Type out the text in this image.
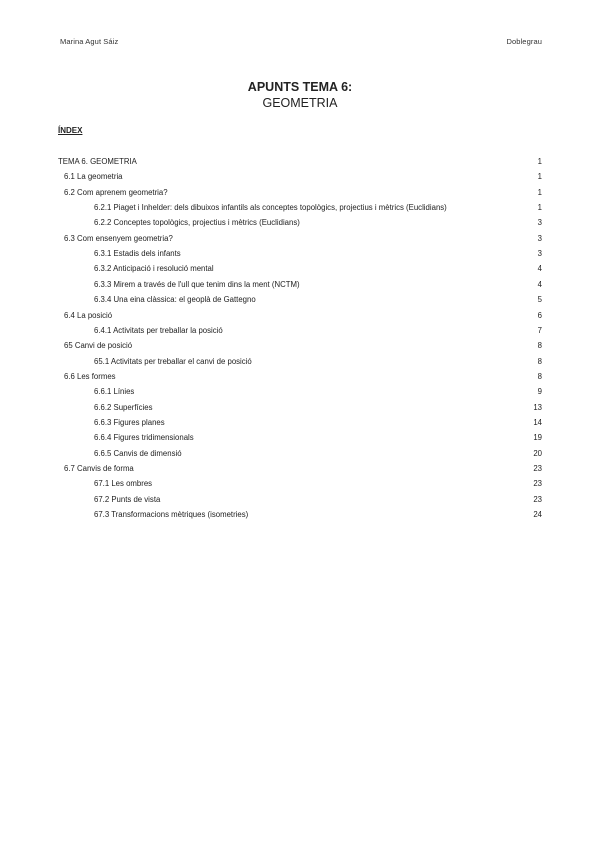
Marina Agut Sáiz	Doblegrau
APUNTS TEMA 6:
GEOMETRIA
ÍNDEX
TEMA 6. GEOMETRIA	1
6.1 La geometria	1
6.2 Com aprenem geometria?	1
6.2.1 Piaget i Inhelder: dels dibuixos infantils als conceptes topològics, projectius i mètrics (Euclidians)	1
6.2.2 Conceptes topològics, projectius i mètrics (Euclidians)	3
6.3 Com ensenyem geometria?	3
6.3.1 Estadis dels infants	3
6.3.2 Anticipació i resolució mental	4
6.3.3 Mirem a través de l'ull que tenim dins la ment (NCTM)	4
6.3.4 Una eina clàssica: el geoplà de Gattegno	5
6.4 La posició	6
6.4.1 Activitats per treballar la posició	7
65 Canvi de posició	8
65.1 Activitats per treballar el canvi de posició	8
6.6 Les formes	8
6.6.1 Línies	9
6.6.2 Superfícies	13
6.6.3 Figures planes	14
6.6.4 Figures tridimensionals	19
6.6.5 Canvis de dimensió	20
6.7 Canvis de forma	23
67.1 Les ombres	23
67.2 Punts de vista	23
67.3 Transformacions mètriques (isometries)	24
